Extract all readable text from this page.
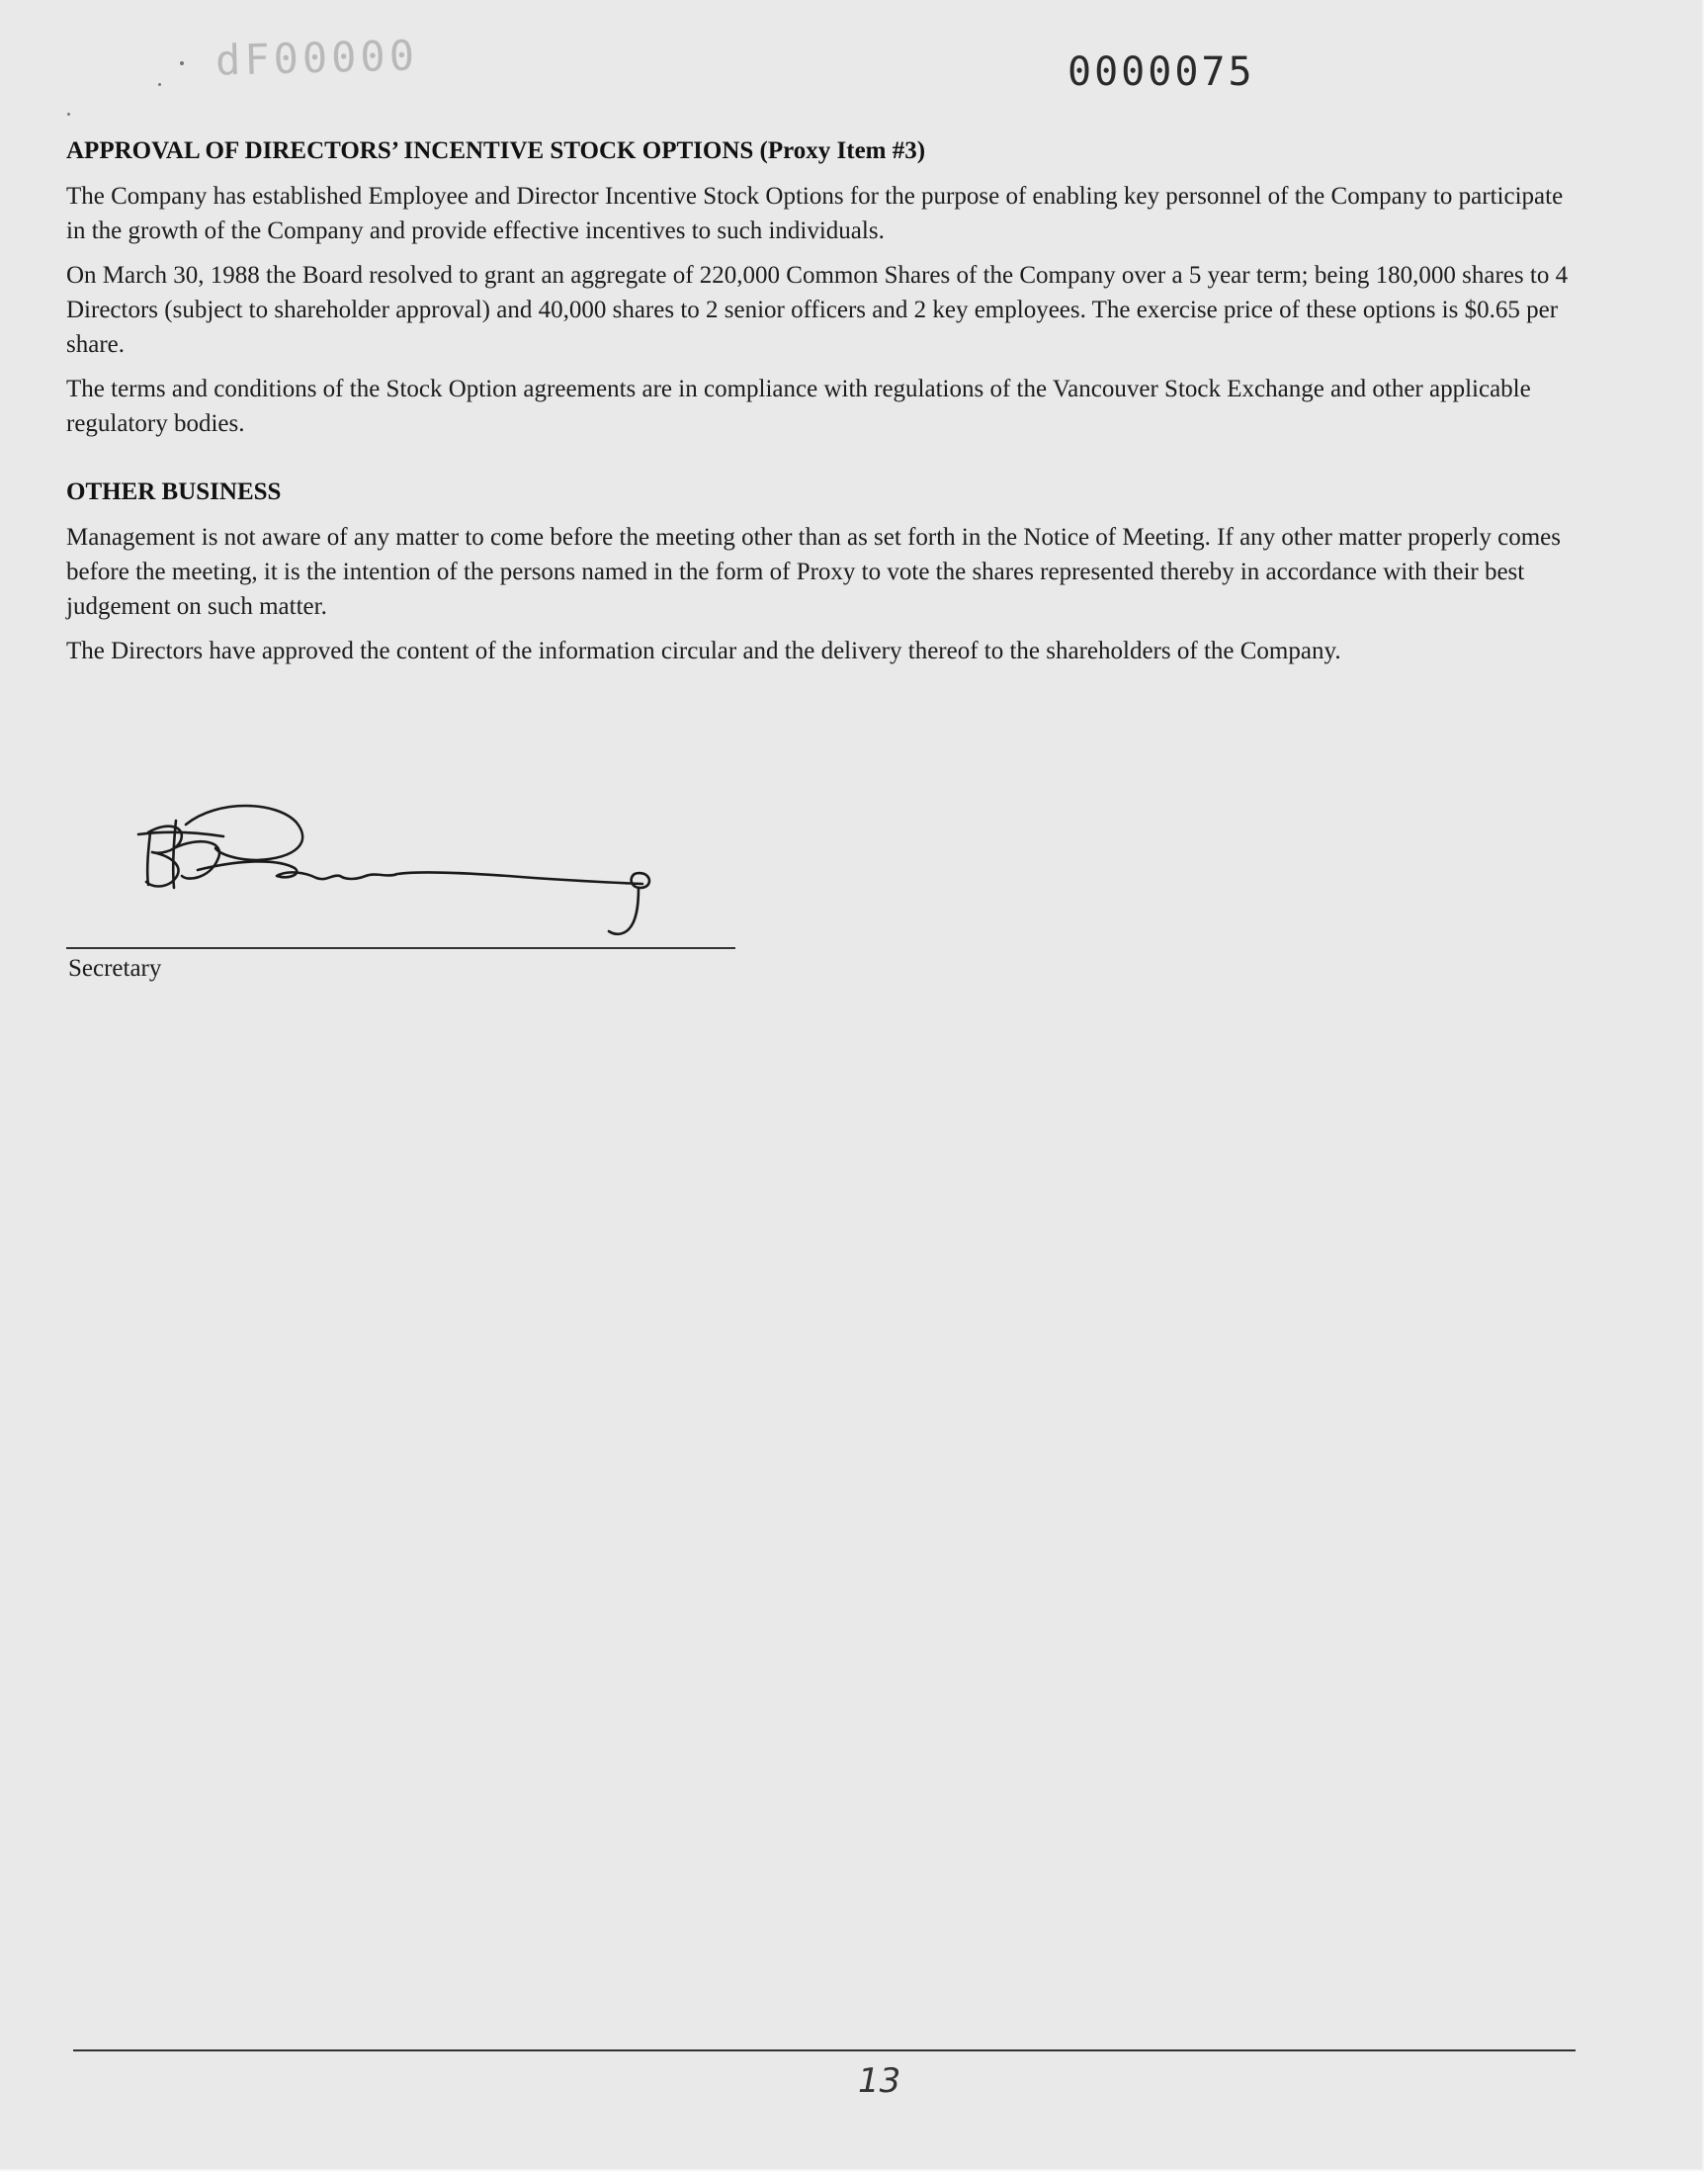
dF00000	0000075
APPROVAL OF DIRECTORS’ INCENTIVE STOCK OPTIONS (Proxy Item #3)

The Company has established Employee and Director Incentive Stock Options for the purpose of enabling key personnel of the Company to participate in the growth of the Company and provide effective incentives to such individuals.

On March 30, 1988 the Board resolved to grant an aggregate of 220,000 Common Shares of the Company over a 5 year term; being 180,000 shares to 4 Directors (subject to shareholder approval) and 40,000 shares to 2 senior officers and 2 key employees. The exercise price of these options is $0.65 per share.

The terms and conditions of the Stock Option agreements are in compliance with regulations of the Vancouver Stock Exchange and other applicable regulatory bodies.

OTHER BUSINESS

Management is not aware of any matter to come before the meeting other than as set forth in the Notice of Meeting. If any other matter properly comes before the meeting, it is the intention of the persons named in the form of Proxy to vote the shares represented thereby in accordance with their best judgement on such matter.

The Directors have approved the content of the information circular and the delivery thereof to the shareholders of the Company.

Secretary
13
